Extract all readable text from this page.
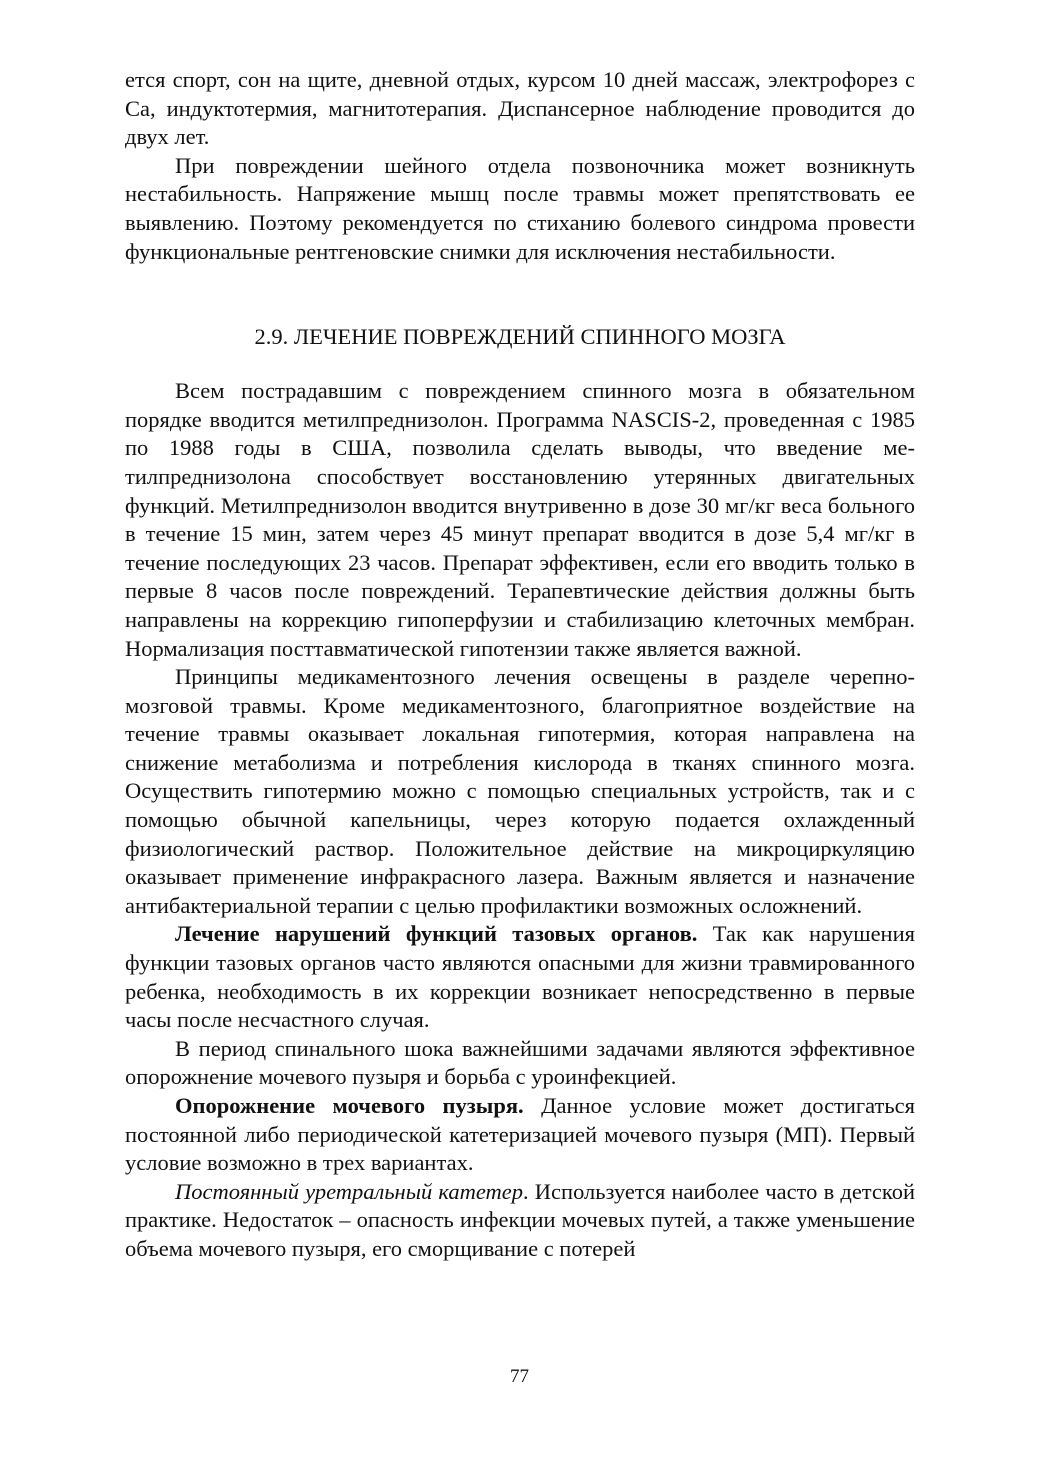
ется спорт, сон на щите, дневной отдых, курсом 10 дней массаж, электрофорез с Са, индуктотермия, магнитотерапия. Диспансерное наблюдение проводится до двух лет.

При повреждении шейного отдела позвоночника может возникнуть нестабильность. Напряжение мышц после травмы может препятствовать ее выявлению. Поэтому рекомендуется по стиханию болевого синдрома провести функциональные рентгеновские снимки для исключения нестабильности.

2.9. ЛЕЧЕНИЕ ПОВРЕЖДЕНИЙ СПИННОГО МОЗГА

Всем пострадавшим с повреждением спинного мозга в обязательном порядке вводится метилпреднизолон. Программа NASCIS-2, проведенная с 1985 по 1988 годы в США, позволила сделать выводы, что введение метилпреднизолона способствует восстановлению утерянных двигательных функций. Метилпреднизолон вводится внутривенно в дозе 30 мг/кг веса больного в течение 15 мин, затем через 45 минут препарат вводится в дозе 5,4 мг/кг в течение последующих 23 часов. Препарат эффективен, если его вводить только в первые 8 часов после повреждений. Терапевтические действия должны быть направлены на коррекцию гипоперфузии и стабилизацию клеточных мембран. Нормализация посттавматической гипотензии также является важной.

Принципы медикаментозного лечения освещены в разделе черепно-мозговой травмы. Кроме медикаментозного, благоприятное воздействие на течение травмы оказывает локальная гипотермия, которая направлена на снижение метаболизма и потребления кислорода в тканях спинного мозга. Осуществить гипотермию можно с помощью специальных устройств, так и с помощью обычной капельницы, через которую подается охлажденный физиологический раствор. Положительное действие на микроциркуляцию оказывает применение инфракрасного лазера. Важным является и назначение антибактериальной терапии с целью профилактики возможных осложнений.

Лечение нарушений функций тазовых органов. Так как нарушения функции тазовых органов часто являются опасными для жизни травмированного ребенка, необходимость в их коррекции возникает непосредственно в первые часы после несчастного случая.

В период спинального шока важнейшими задачами являются эффективное опорожнение мочевого пузыря и борьба с уроинфекцией.

Опорожнение мочевого пузыря. Данное условие может достигаться постоянной либо периодической катетеризацией мочевого пузыря (МП). Первый условие возможно в трех вариантах.

Постоянный уретральный катетер. Используется наиболее часто в детской практике. Недостаток – опасность инфекции мочевых путей, а также уменьшение объема мочевого пузыря, его сморщивание с потерей

77
